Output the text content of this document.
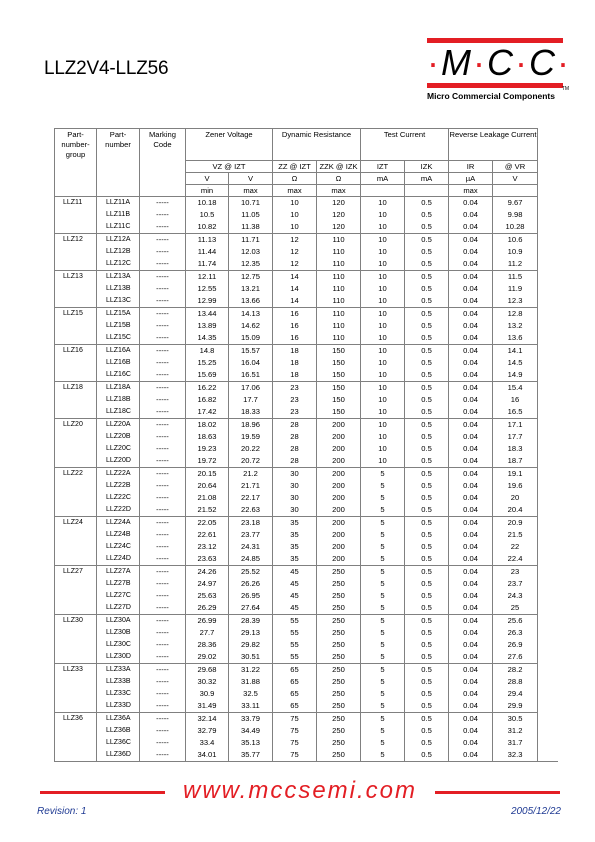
LLZ2V4-LLZ56	·M·C·C·
Micro Commercial Components
TM
Part-number-group	Part-number	Marking Code	Zener Voltage		Dynamic Resistance		Test Current		Reverse Leakage Current	
			VZ @ IZT		ZZ @ IZT	ZZK @ IZK	IZT	IZK	IR	@ VR
			V	V	Ω	Ω	mA	mA	µA	V
			min	max	max	max			max	
LLZ11	LLZ11A	-----	10.18	10.71	10	120	10	0.5	0.04	9.67
	LLZ11B	-----	10.5	11.05	10	120	10	0.5	0.04	9.98
	LLZ11C	-----	10.82	11.38	10	120	10	0.5	0.04	10.28
LLZ12	LLZ12A	-----	11.13	11.71	12	110	10	0.5	0.04	10.6
	LLZ12B	-----	11.44	12.03	12	110	10	0.5	0.04	10.9
	LLZ12C	-----	11.74	12.35	12	110	10	0.5	0.04	11.2
LLZ13	LLZ13A	-----	12.11	12.75	14	110	10	0.5	0.04	11.5
	LLZ13B	-----	12.55	13.21	14	110	10	0.5	0.04	11.9
	LLZ13C	-----	12.99	13.66	14	110	10	0.5	0.04	12.3
LLZ15	LLZ15A	-----	13.44	14.13	16	110	10	0.5	0.04	12.8
	LLZ15B	-----	13.89	14.62	16	110	10	0.5	0.04	13.2
	LLZ15C	-----	14.35	15.09	16	110	10	0.5	0.04	13.6
LLZ16	LLZ16A	-----	14.8	15.57	18	150	10	0.5	0.04	14.1
	LLZ16B	-----	15.25	16.04	18	150	10	0.5	0.04	14.5
	LLZ16C	-----	15.69	16.51	18	150	10	0.5	0.04	14.9
LLZ18	LLZ18A	-----	16.22	17.06	23	150	10	0.5	0.04	15.4
	LLZ18B	-----	16.82	17.7	23	150	10	0.5	0.04	16
	LLZ18C	-----	17.42	18.33	23	150	10	0.5	0.04	16.5
LLZ20	LLZ20A	-----	18.02	18.96	28	200	10	0.5	0.04	17.1
	LLZ20B	-----	18.63	19.59	28	200	10	0.5	0.04	17.7
	LLZ20C	-----	19.23	20.22	28	200	10	0.5	0.04	18.3
	LLZ20D	-----	19.72	20.72	28	200	10	0.5	0.04	18.7
LLZ22	LLZ22A	-----	20.15	21.2	30	200	5	0.5	0.04	19.1
	LLZ22B	-----	20.64	21.71	30	200	5	0.5	0.04	19.6
	LLZ22C	-----	21.08	22.17	30	200	5	0.5	0.04	20
	LLZ22D	-----	21.52	22.63	30	200	5	0.5	0.04	20.4
LLZ24	LLZ24A	-----	22.05	23.18	35	200	5	0.5	0.04	20.9
	LLZ24B	-----	22.61	23.77	35	200	5	0.5	0.04	21.5
	LLZ24C	-----	23.12	24.31	35	200	5	0.5	0.04	22
	LLZ24D	-----	23.63	24.85	35	200	5	0.5	0.04	22.4
LLZ27	LLZ27A	-----	24.26	25.52	45	250	5	0.5	0.04	23
	LLZ27B	-----	24.97	26.26	45	250	5	0.5	0.04	23.7
	LLZ27C	-----	25.63	26.95	45	250	5	0.5	0.04	24.3
	LLZ27D	-----	26.29	27.64	45	250	5	0.5	0.04	25
LLZ30	LLZ30A	-----	26.99	28.39	55	250	5	0.5	0.04	25.6
	LLZ30B	-----	27.7	29.13	55	250	5	0.5	0.04	26.3
	LLZ30C	-----	28.36	29.82	55	250	5	0.5	0.04	26.9
	LLZ30D	-----	29.02	30.51	55	250	5	0.5	0.04	27.6
LLZ33	LLZ33A	-----	29.68	31.22	65	250	5	0.5	0.04	28.2
	LLZ33B	-----	30.32	31.88	65	250	5	0.5	0.04	28.8
	LLZ33C	-----	30.9	32.5	65	250	5	0.5	0.04	29.4
	LLZ33D	-----	31.49	33.11	65	250	5	0.5	0.04	29.9
LLZ36	LLZ36A	-----	32.14	33.79	75	250	5	0.5	0.04	30.5
	LLZ36B	-----	32.79	34.49	75	250	5	0.5	0.04	31.2
	LLZ36C	-----	33.4	35.13	75	250	5	0.5	0.04	31.7
	LLZ36D	-----	34.01	35.77	75	250	5	0.5	0.04	32.3
www.mccsemi.com
Revision: 1	2005/12/22
